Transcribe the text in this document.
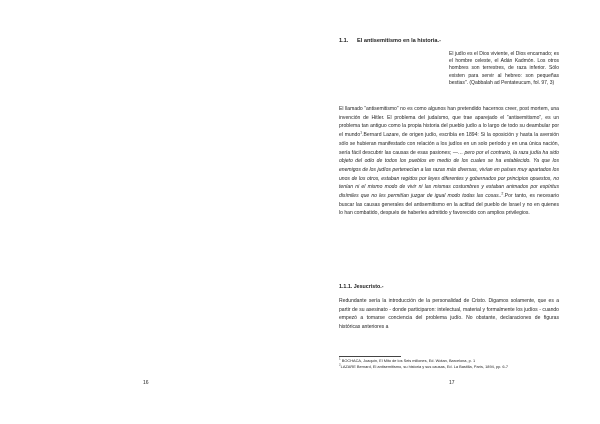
16	17
1.1. El antisemitismo en la historia.-
El judío es el Dios viviente, el Dios encarnado; es el hombre celeste, el Adán Kadmón. Los otros hombres son terrestres, de raza inferior. Sólo existen para servir al hebreo: son pequeñas bestias". (Qabbalah ad Pentateucum, fol. 97, 3)
El llamado “antisemitismo” no es como algunos han pretendido hacernos creer, post mortem, una invención de Hitler. El problema del judaísmo, que trae aparejado el “antisemitismo”, es un problema tan antiguo como la propia historia del pueblo judío a lo largo de todo su deambular por el mundo$^1$.Bernard Lazare, de origen judío, escribía en 1894: Si la oposición y hasta la aversión sólo se hubieran manifestado con relación a los judíos en un solo período y en una única nación, sería fácil descubrir las causas de esas pasiones; —… pero por el contrario, la raza judía ha sido objeto del odio de todos los pueblos en medio de los cuales se ha establecido. Ya que los enemigos de los judíos pertenecían a las razas más diversas, vivían en países muy apartados los unos de los otros, estaban regidos por leyes diferentes y gobernados por principios opuestos, no tenían ni el mismo modo de vivir ni las mismas costumbres y estaban animados por espíritus disímiles que no les permitían juzgar de igual modo todas las cosas..$^2$.Por tanto, es necesario buscar las causas generales del antisemitismo en la actitud del pueblo de Israel y no en quienes lo han combatido, después de haberles admitido y favorecido con amplios privilegios.
1.1.1. Jesucristo.-
Redundante sería la introducción de la personalidad de Cristo. Digamos solamente, que es a partir de su asesinato - donde participaron: intelectual, material y formalmente los judíos - cuando empezó a tomarse conciencia del problema judío. No obstante, declaraciones de figuras históricas anteriores a
$^1$ BOCHACA, Joaquín, El Mito de los Seis millones, Ed. Wotan, Barcelona, p. 1
$^2$LAZARE Bernard, El antisemitismo, su historia y sus causas, Ed. La Bastilla, París, 1894, pp. 6-7
